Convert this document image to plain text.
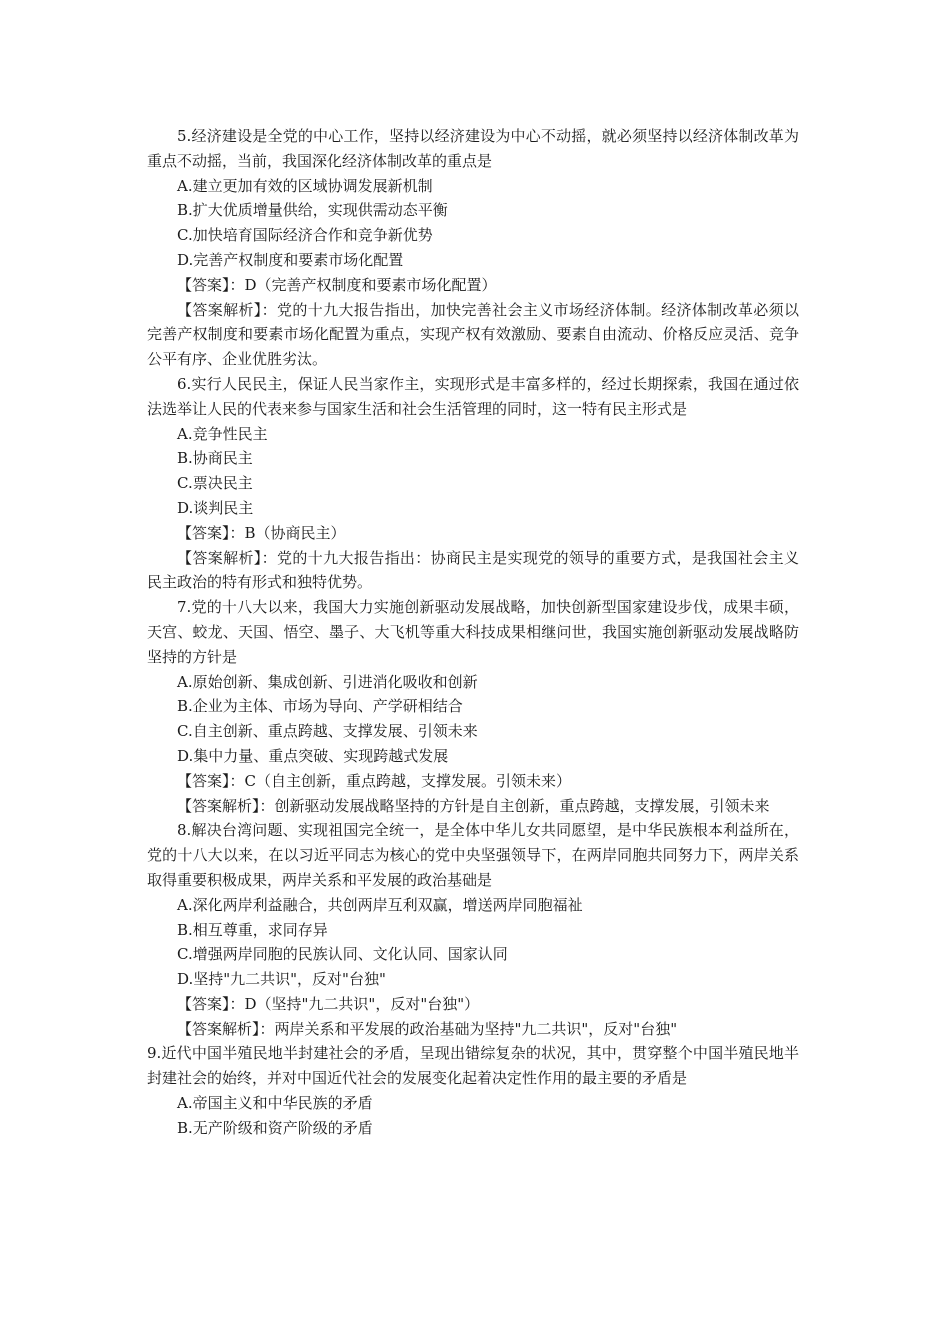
5.经济建设是全党的中心工作，坚持以经济建设为中心不动摇，就必须坚持以经济体制改革为重点不动摇，当前，我国深化经济体制改革的重点是

A.建立更加有效的区域协调发展新机制

B.扩大优质增量供给，实现供需动态平衡

C.加快培育国际经济合作和竞争新优势

D.完善产权制度和要素市场化配置

【答案】：D（完善产权制度和要素市场化配置）

【答案解析】：党的十九大报告指出，加快完善社会主义市场经济体制。经济体制改革必须以完善产权制度和要素市场化配置为重点，实现产权有效激励、要素自由流动、价格反应灵活、竞争公平有序、企业优胜劣汰。

6.实行人民民主，保证人民当家作主，实现形式是丰富多样的，经过长期探索，我国在通过依法选举让人民的代表来参与国家生活和社会生活管理的同时，这一特有民主形式是

A.竞争性民主

B.协商民主

C.票决民主

D.谈判民主

【答案】：B（协商民主）

【答案解析】：党的十九大报告指出：协商民主是实现党的领导的重要方式，是我国社会主义民主政治的特有形式和独特优势。

7.党的十八大以来，我国大力实施创新驱动发展战略，加快创新型国家建设步伐，成果丰硕，天宫、蛟龙、天国、悟空、墨子、大飞机等重大科技成果相继问世，我国实施创新驱动发展战略防坚持的方针是

A.原始创新、集成创新、引进消化吸收和创新

B.企业为主体、市场为导向、产学研相结合

C.自主创新、重点跨越、支撑发展、引领未来

D.集中力量、重点突破、实现跨越式发展

【答案】：C（自主创新，重点跨越，支撑发展。引领未来）

【答案解析】：创新驱动发展战略坚持的方针是自主创新，重点跨越，支撑发展，引领未来

8.解决台湾问题、实现祖国完全统一，是全体中华儿女共同愿望，是中华民族根本利益所在，党的十八大以来，在以习近平同志为核心的党中央坚强领导下，在两岸同胞共同努力下，两岸关系取得重要积极成果，两岸关系和平发展的政治基础是

A.深化两岸利益融合，共创两岸互利双赢，增送两岸同胞福祉

B.相互尊重，求同存异

C.增强两岸同胞的民族认同、文化认同、国家认同

D.坚持"九二共识"，反对"台独"

【答案】：D（坚持"九二共识"，反对"台独"）

【答案解析】：两岸关系和平发展的政治基础为坚持"九二共识"，反对"台独"

9.近代中国半殖民地半封建社会的矛盾，呈现出错综复杂的状况，其中，贯穿整个中国半殖民地半封建社会的始终，并对中国近代社会的发展变化起着决定性作用的最主要的矛盾是

A.帝国主义和中华民族的矛盾

B.无产阶级和资产阶级的矛盾
